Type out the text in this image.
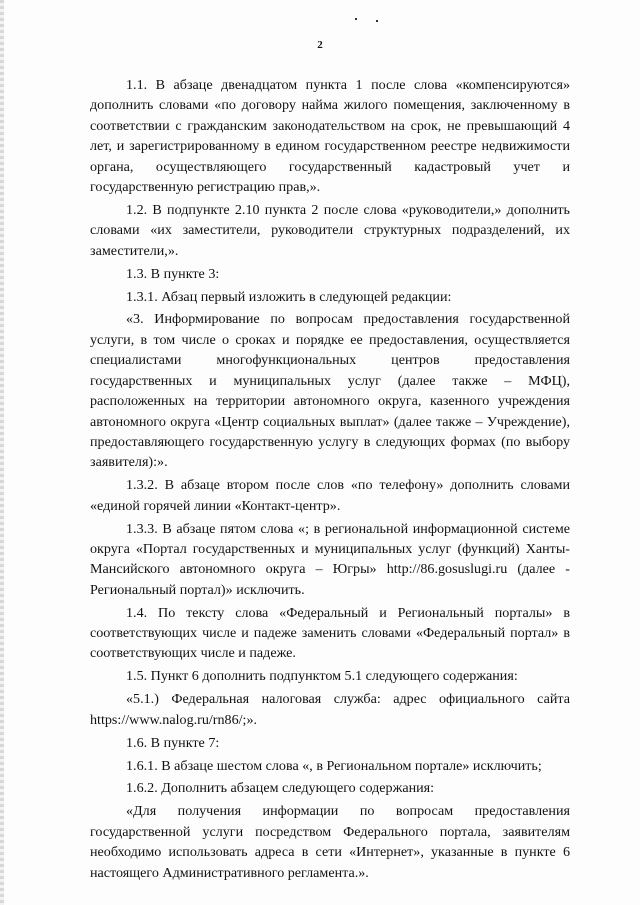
2

1.1. В абзаце двенадцатом пункта 1 после слова «компенсируются» дополнить словами «по договору найма жилого помещения, заключенному в соответствии с гражданским законодательством на срок, не превышающий 4 лет, и зарегистрированному в едином государственном реестре недвижимости органа, осуществляющего государственный кадастровый учет и государственную регистрацию прав,».

1.2. В подпункте 2.10 пункта 2 после слова «руководители,» дополнить словами «их заместители, руководители структурных подразделений, их заместители,».

1.3. В пункте 3:

1.3.1. Абзац первый изложить в следующей редакции:

«3. Информирование по вопросам предоставления государственной услуги, в том числе о сроках и порядке ее предоставления, осуществляется специалистами многофункциональных центров предоставления государственных и муниципальных услуг (далее также – МФЦ), расположенных на территории автономного округа, казенного учреждения автономного округа «Центр социальных выплат» (далее также – Учреждение), предоставляющего государственную услугу в следующих формах (по выбору заявителя):».

1.3.2. В абзаце втором после слов «по телефону» дополнить словами «единой горячей линии «Контакт-центр».

1.3.3. В абзаце пятом слова «; в региональной информационной системе округа «Портал государственных и муниципальных услуг (функций) Ханты-Мансийского автономного округа – Югры» http://86.gosuslugi.ru (далее - Региональный портал)» исключить.

1.4. По тексту слова «Федеральный и Региональный порталы» в соответствующих числе и падеже заменить словами «Федеральный портал» в соответствующих числе и падеже.

1.5. Пункт 6 дополнить подпунктом 5.1 следующего содержания:

«5.1.) Федеральная налоговая служба: адрес официального сайта https://www.nalog.ru/rn86/;».

1.6. В пункте 7:

1.6.1. В абзаце шестом слова «, в Региональном портале» исключить;

1.6.2. Дополнить абзацем следующего содержания:

«Для получения информации по вопросам предоставления государственной услуги посредством Федерального портала, заявителям необходимо использовать адреса в сети «Интернет», указанные в пункте 6 настоящего Административного регламента.».
